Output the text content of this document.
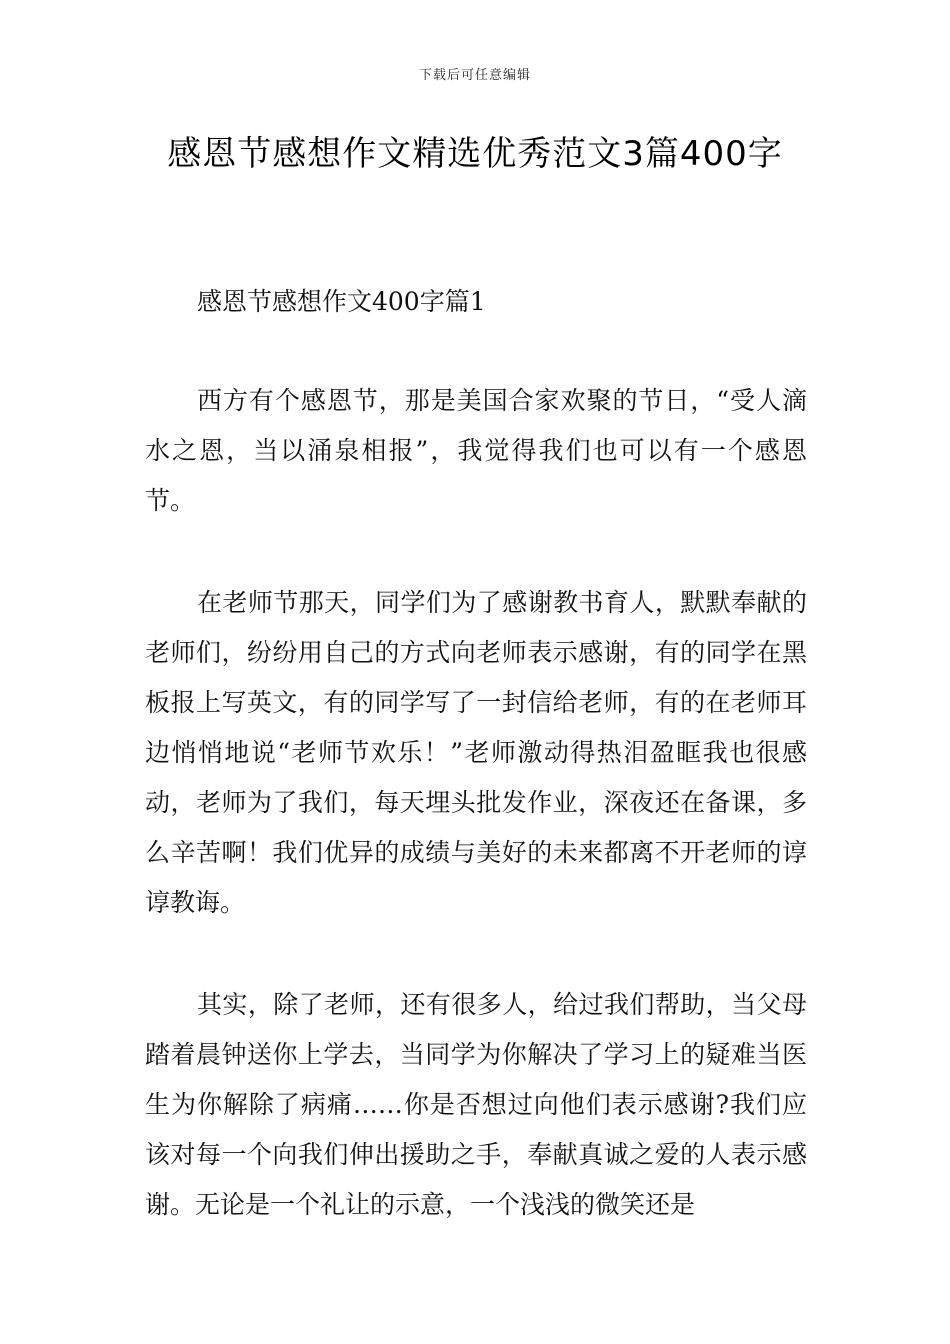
下载后可任意编辑
感恩节感想作文精选优秀范文3篇400字

感恩节感想作文400字篇1

西方有个感恩节，那是美国合家欢聚的节日，“受人滴水之恩，当以涌泉相报”，我觉得我们也可以有一个感恩节。

在老师节那天，同学们为了感谢教书育人，默默奉献的老师们，纷纷用自己的方式向老师表示感谢，有的同学在黑板报上写英文，有的同学写了一封信给老师，有的在老师耳边悄悄地说“老师节欢乐！”老师激动得热泪盈眶我也很感动，老师为了我们，每天埋头批发作业，深夜还在备课，多么辛苦啊！我们优异的成绩与美好的未来都离不开老师的谆谆教诲。

其实，除了老师，还有很多人，给过我们帮助，当父母踏着晨钟送你上学去，当同学为你解决了学习上的疑难当医生为你解除了病痛……你是否想过向他们表示感谢?我们应该对每一个向我们伸出援助之手，奉献真诚之爱的人表示感谢。无论是一个礼让的示意，一个浅浅的微笑还是
